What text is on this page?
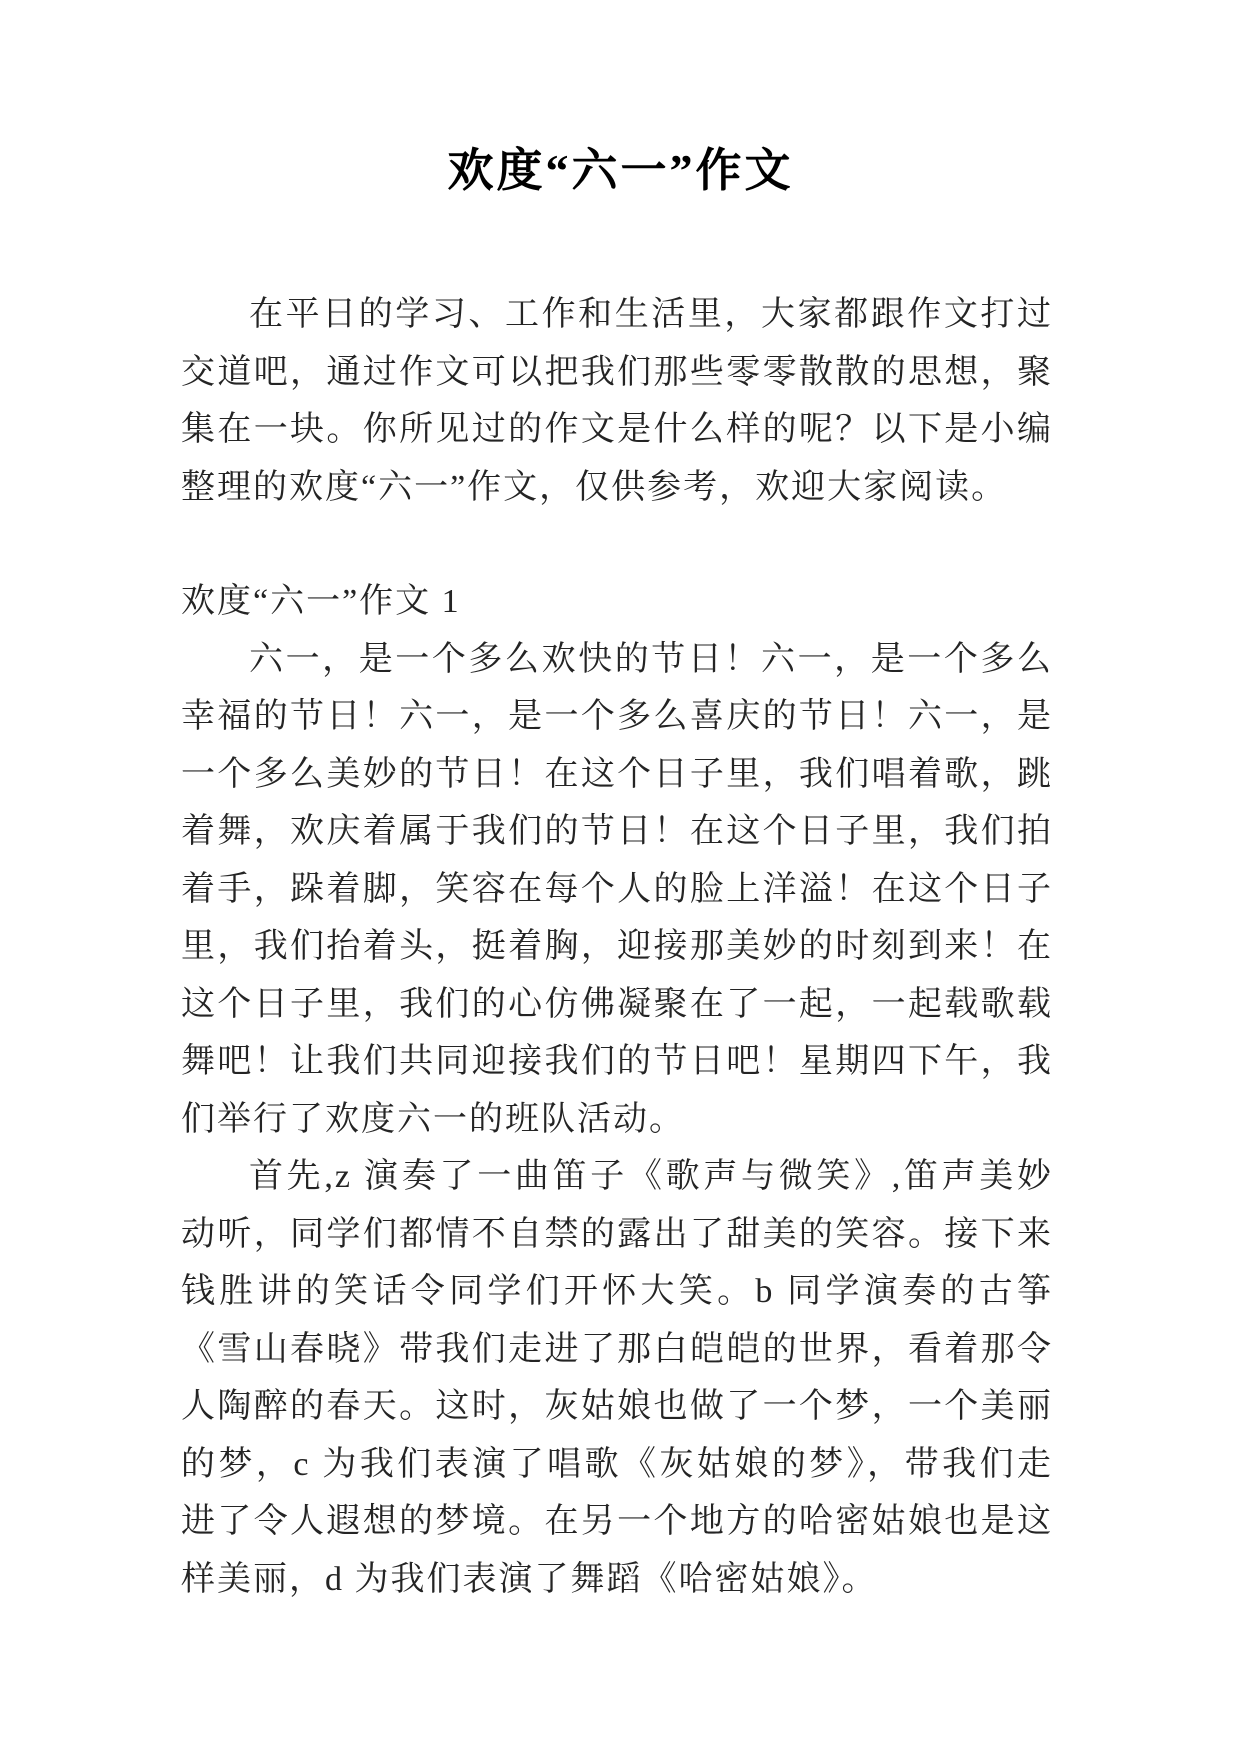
欢度“六一”作文

在平日的学习、工作和生活里，大家都跟作文打过交道吧，通过作文可以把我们那些零零散散的思想，聚集在一块。你所见过的作文是什么样的呢？以下是小编整理的欢度“六一”作文，仅供参考，欢迎大家阅读。

欢度“六一”作文 1

六一，是一个多么欢快的节日！六一，是一个多么幸福的节日！六一，是一个多么喜庆的节日！六一，是一个多么美妙的节日！在这个日子里，我们唱着歌，跳着舞，欢庆着属于我们的节日！在这个日子里，我们拍着手，跺着脚，笑容在每个人的脸上洋溢！在这个日子里，我们抬着头，挺着胸，迎接那美妙的时刻到来！在这个日子里，我们的心仿佛凝聚在了一起，一起载歌载舞吧！让我们共同迎接我们的节日吧！星期四下午，我们举行了欢度六一的班队活动。

首先,z 演奏了一曲笛子《歌声与微笑》,笛声美妙动听，同学们都情不自禁的露出了甜美的笑容。接下来钱胜讲的笑话令同学们开怀大笑。b 同学演奏的古筝《雪山春晓》带我们走进了那白皑皑的世界，看着那令人陶醉的春天。这时，灰姑娘也做了一个梦，一个美丽的梦，c 为我们表演了唱歌《灰姑娘的梦》，带我们走进了令人遐想的梦境。在另一个地方的哈密姑娘也是这样美丽，d 为我们表演了舞蹈《哈密姑娘》。
